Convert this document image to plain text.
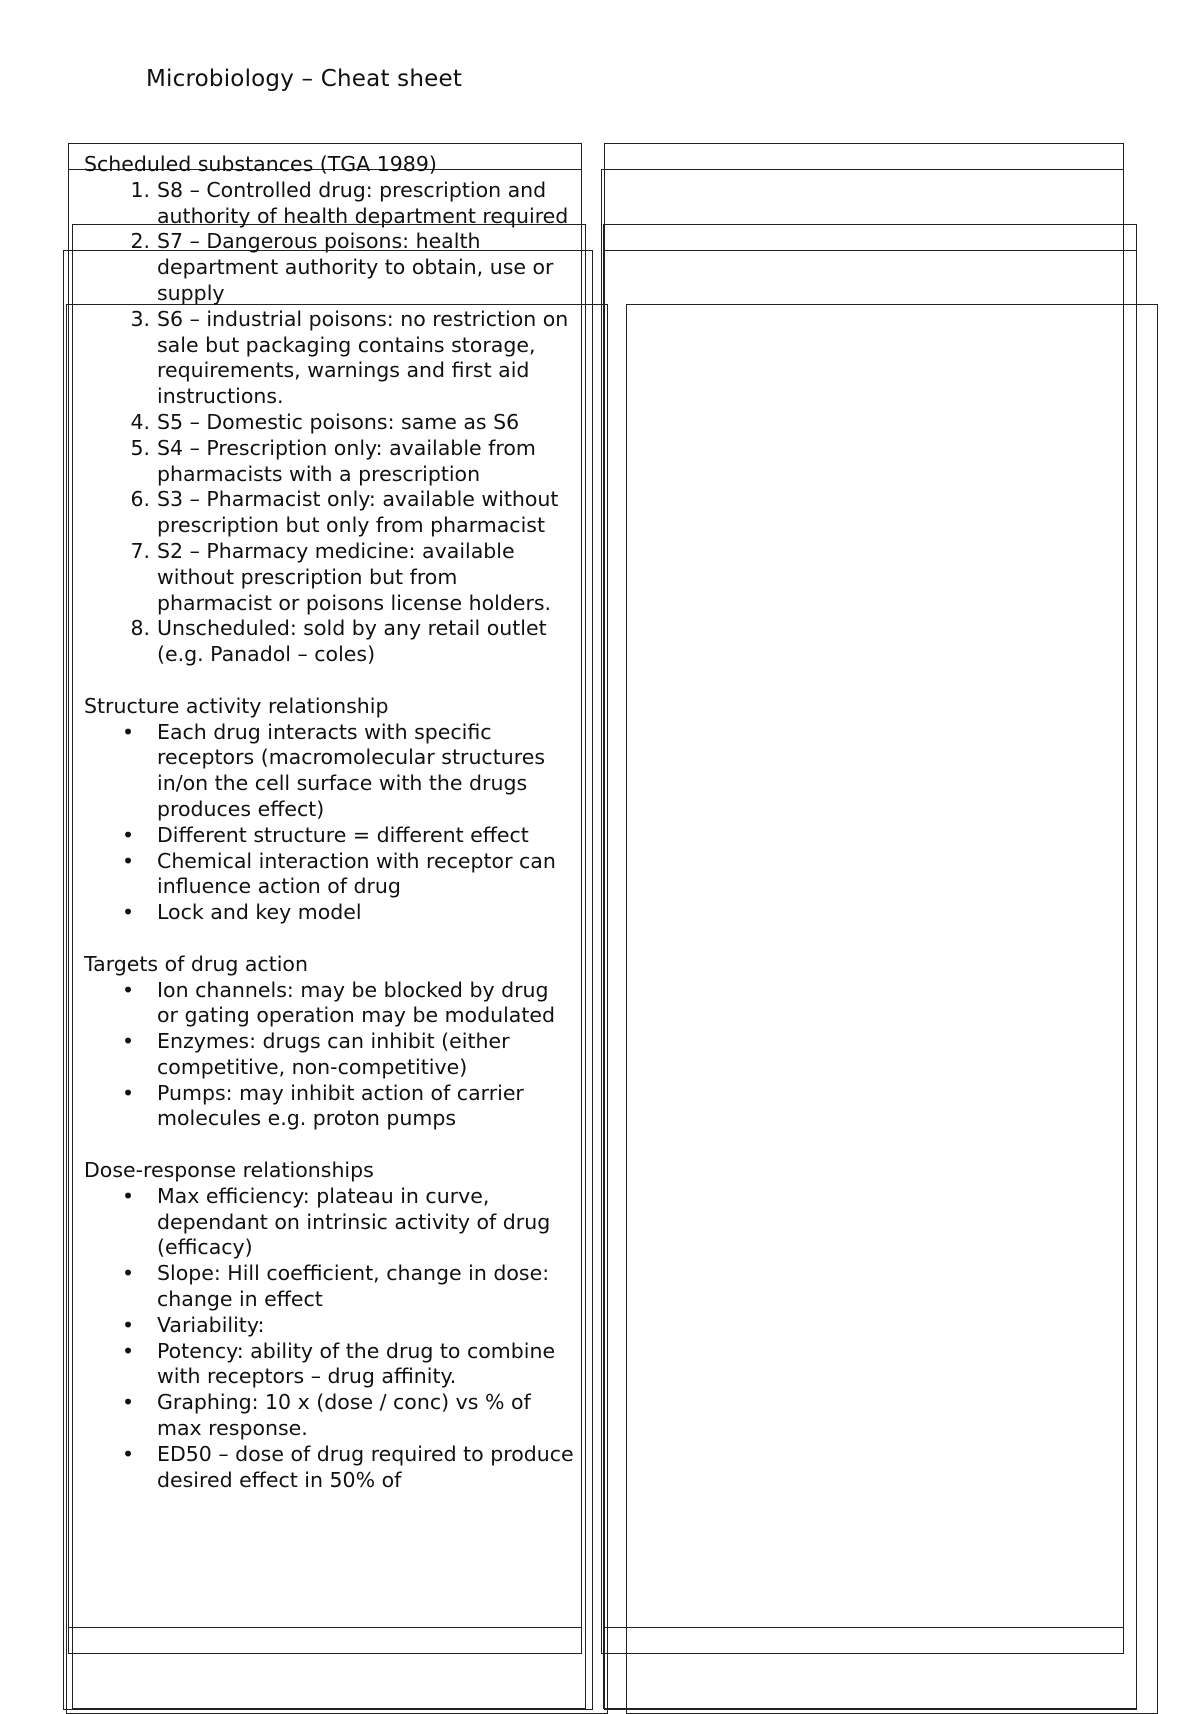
Microbiology – Cheat sheet

Scheduled substances (TGA 1989)

1. S8 – Controlled drug: prescription and authority of health department required
2. S7 – Dangerous poisons: health department authority to obtain, use or supply
3. S6 – industrial poisons: no restriction on sale but packaging contains storage, requirements, warnings and first aid instructions.
4. S5 – Domestic poisons: same as S6
5. S4 – Prescription only: available from pharmacists with a prescription
6. S3 – Pharmacist only: available without prescription but only from pharmacist
7. S2 – Pharmacy medicine: available without prescription but from pharmacist or poisons license holders.
8. Unscheduled: sold by any retail outlet (e.g. Panadol – coles)

Structure activity relationship

• Each drug interacts with specific receptors (macromolecular structures in/on the cell surface with the drugs produces effect)
• Different structure = different effect
• Chemical interaction with receptor can influence action of drug
• Lock and key model

Targets of drug action

• Ion channels: may be blocked by drug or gating operation may be modulated
• Enzymes: drugs can inhibit (either competitive, non-competitive)
• Pumps: may inhibit action of carrier molecules e.g. proton pumps

Dose-response relationships

• Max efficiency: plateau in curve, dependant on intrinsic activity of drug (efficacy)
• Slope: Hill coefficient, change in dose: change in effect
• Variability:
• Potency: ability of the drug to combine with receptors – drug affinity.
• Graphing: 10 x (dose / conc) vs % of max response.
• ED50 – dose of drug required to produce desired effect in 50% of
